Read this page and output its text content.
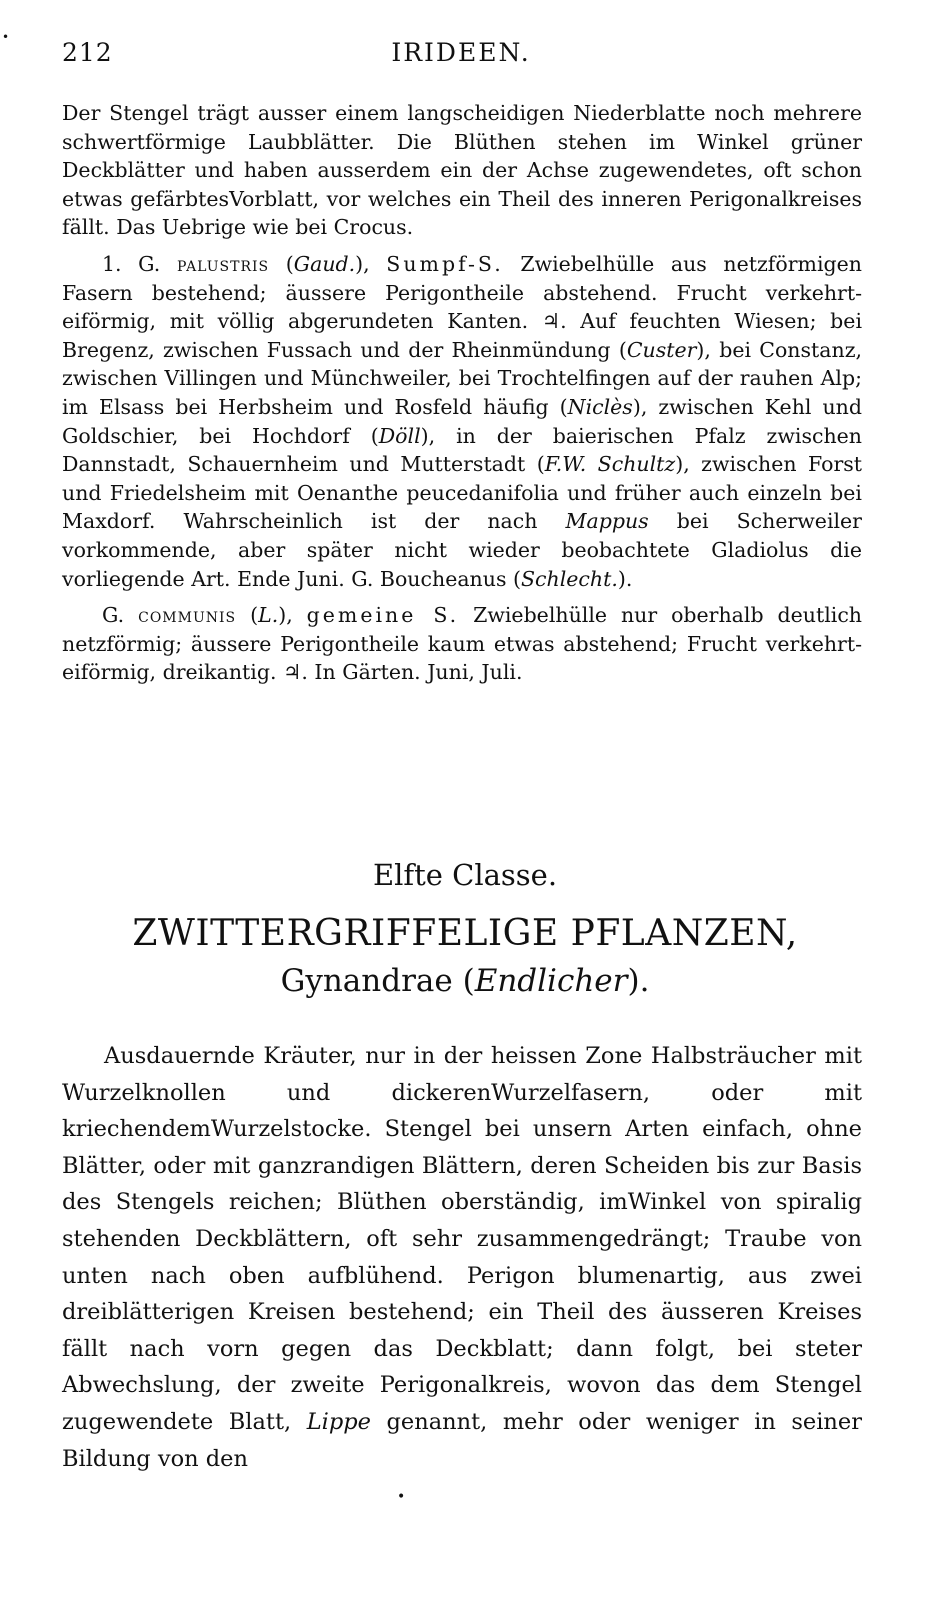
•
212	IRIDEEN.

Der Stengel trägt ausser einem langscheidigen Niederblatte noch mehrere schwertförmige Laubblätter. Die Blüthen stehen im Winkel grüner Deckblätter und haben ausserdem ein der Achse zugewendetes, oft schon etwas gefärbtesVorblatt, vor welches ein Theil des inneren Perigonalkreises fällt. Das Uebrige wie bei Crocus.

1. G. palustris (Gaud.), Sumpf-S. Zwiebelhülle aus netzförmigen Fasern bestehend; äussere Perigontheile abstehend. Frucht verkehrt-eiförmig, mit völlig abgerundeten Kanten. ♃. Auf feuchten Wiesen; bei Bregenz, zwischen Fussach und der Rheinmündung (Custer), bei Constanz, zwischen Villingen und Münchweiler, bei Trochtelfingen auf der rauhen Alp; im Elsass bei Herbsheim und Rosfeld häufig (Niclès), zwischen Kehl und Goldschier, bei Hochdorf (Döll), in der baierischen Pfalz zwischen Dannstadt, Schauernheim und Mutterstadt (F.W. Schultz), zwischen Forst und Friedelsheim mit Oenanthe peucedanifolia und früher auch einzeln bei Maxdorf. Wahrscheinlich ist der nach Mappus bei Scherweiler vorkommende, aber später nicht wieder beobachtete Gladiolus die vorliegende Art. Ende Juni. G. Boucheanus (Schlecht.).

G. communis (L.), gemeine S. Zwiebelhülle nur oberhalb deutlich netzförmig; äussere Perigontheile kaum etwas abstehend; Frucht verkehrt-eiförmig, dreikantig. ♃. In Gärten. Juni, Juli.

Elfte Classe.
ZWITTERGRIFFELIGE PFLANZEN,
Gynandrae (Endlicher).

Ausdauernde Kräuter, nur in der heissen Zone Halbsträucher mit Wurzelknollen und dickerenWurzelfasern, oder mit kriechendemWurzelstocke. Stengel bei unsern Arten einfach, ohne Blätter, oder mit ganzrandigen Blättern, deren Scheiden bis zur Basis des Stengels reichen; Blüthen oberständig, imWinkel von spiralig stehenden Deckblättern, oft sehr zusammengedrängt; Traube von unten nach oben aufblühend. Perigon blumenartig, aus zwei dreiblätterigen Kreisen bestehend; ein Theil des äusseren Kreises fällt nach vorn gegen das Deckblatt; dann folgt, bei steter Abwechslung, der zweite Perigonalkreis, wovon das dem Stengel zugewendete Blatt, Lippe genannt, mehr oder weniger in seiner Bildung von den

•
